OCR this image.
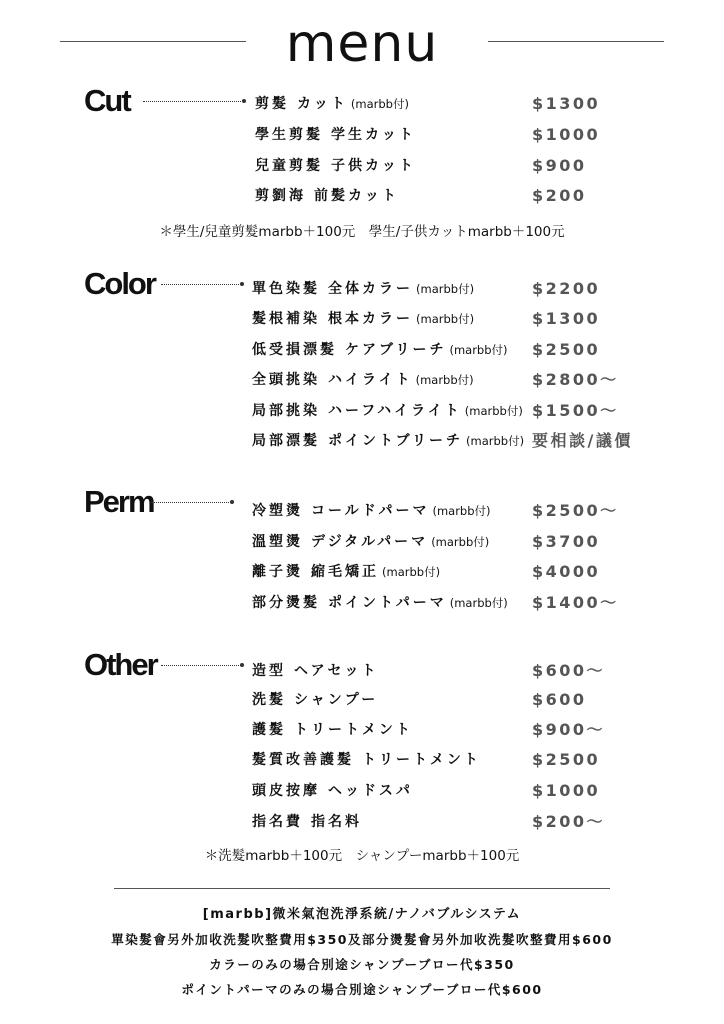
menu
Cut	剪髮 カット (marbb付)	$1300
學生剪髮 学生カット	$1000
兒童剪髮 子供カット	$900
剪劉海 前髪カット	$200
＊學生/兒童剪髮marbb＋100元　學生/子供カットmarbb＋100元
Color	單色染髮 全体カラー (marbb付)	$2200
髮根補染 根本カラー (marbb付)	$1300
低受損漂髮 ケアブリーチ (marbb付) $2500
全頭挑染 ハイライト (marbb付)	$2800～
局部挑染 ハーフハイライト (marbb付) $1500～
局部漂髮 ポイントブリーチ (marbb付) 要相談/議價
Perm	冷塑燙 コールドパーマ (marbb付)	$2500～
溫塑燙 デジタルパーマ (marbb付)	$3700
離子燙 縮毛矯正 (marbb付)	$4000
部分燙髮 ポイントパーマ (marbb付) $1400～
Other	造型 ヘアセット	$600～
洗髮 シャンプー	$600
護髮 トリートメント	$900～
髮質改善護髮 トリートメント	$2500
頭皮按摩 ヘッドスパ	$1000
指名費 指名料	$200～
＊洗髮marbb＋100元　シャンプーmarbb＋100元
[marbb]微米氣泡洗淨系統/ナノバブルシステム
單染髮會另外加收洗髮吹整費用$350及部分燙髮會另外加收洗髮吹整費用$600
カラーのみの場合別途シャンプーブロー代$350
ポイントパーマのみの場合別途シャンプーブロー代$600
